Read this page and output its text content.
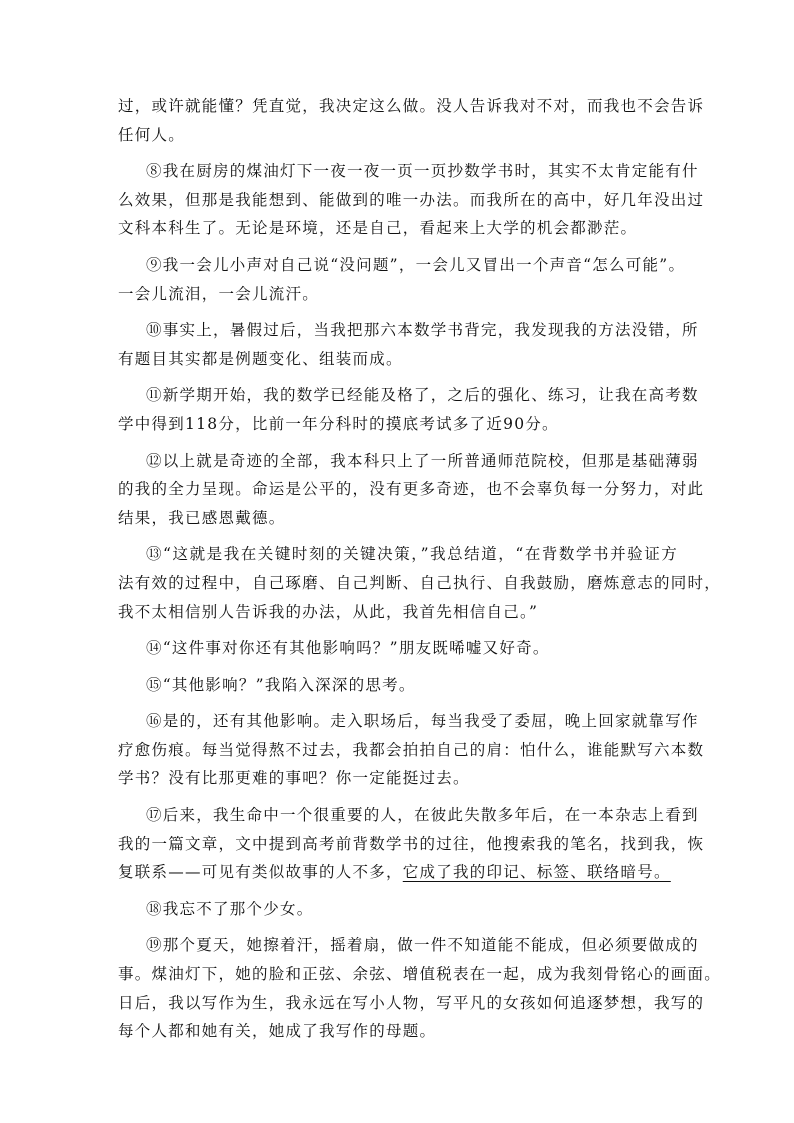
过，或许就能懂？凭直觉，我决定这么做。没人告诉我对不对，而我也不会告诉
任何人。
⑧我在厨房的煤油灯下一夜一夜一页一页抄数学书时，其实不太肯定能有什
么效果，但那是我能想到、能做到的唯一办法。而我所在的高中，好几年没出过
文科本科生了。无论是环境，还是自己，看起来上大学的机会都渺茫。
⑨我一会儿小声对自己说“没问题”，一会儿又冒出一个声音“怎么可能”。
一会儿流泪，一会儿流汗。
⑩事实上，暑假过后，当我把那六本数学书背完，我发现我的方法没错，所
有题目其实都是例题变化、组装而成。
⑪新学期开始，我的数学已经能及格了，之后的强化、练习，让我在高考数
学中得到118分，比前一年分科时的摸底考试多了近90分。
⑫以上就是奇迹的全部，我本科只上了一所普通师范院校，但那是基础薄弱
的我的全力呈现。命运是公平的，没有更多奇迹，也不会辜负每一分努力，对此
结果，我已感恩戴德。
⑬“这就是我在关键时刻的关键决策，”我总结道，“在背数学书并验证方
法有效的过程中，自己琢磨、自己判断、自己执行、自我鼓励，磨炼意志的同时，
我不太相信别人告诉我的办法，从此，我首先相信自己。”
⑭“这件事对你还有其他影响吗？”朋友既唏嘘又好奇。
⑮“其他影响？”我陷入深深的思考。
⑯是的，还有其他影响。走入职场后，每当我受了委屈，晚上回家就靠写作
疗愈伤痕。每当觉得熬不过去，我都会拍拍自己的肩：怕什么，谁能默写六本数
学书？没有比那更难的事吧？你一定能挺过去。
⑰后来，我生命中一个很重要的人，在彼此失散多年后，在一本杂志上看到
我的一篇文章，文中提到高考前背数学书的过往，他搜索我的笔名，找到我，恢
复联系——可见有类似故事的人不多，它成了我的印记、标签、联络暗号。
⑱我忘不了那个少女。
⑲那个夏天，她擦着汗，摇着扇，做一件不知道能不能成，但必须要做成的
事。煤油灯下，她的脸和正弦、余弦、增值税表在一起，成为我刻骨铭心的画面。
日后，我以写作为生，我永远在写小人物，写平凡的女孩如何追逐梦想，我写的
每个人都和她有关，她成了我写作的母题。
